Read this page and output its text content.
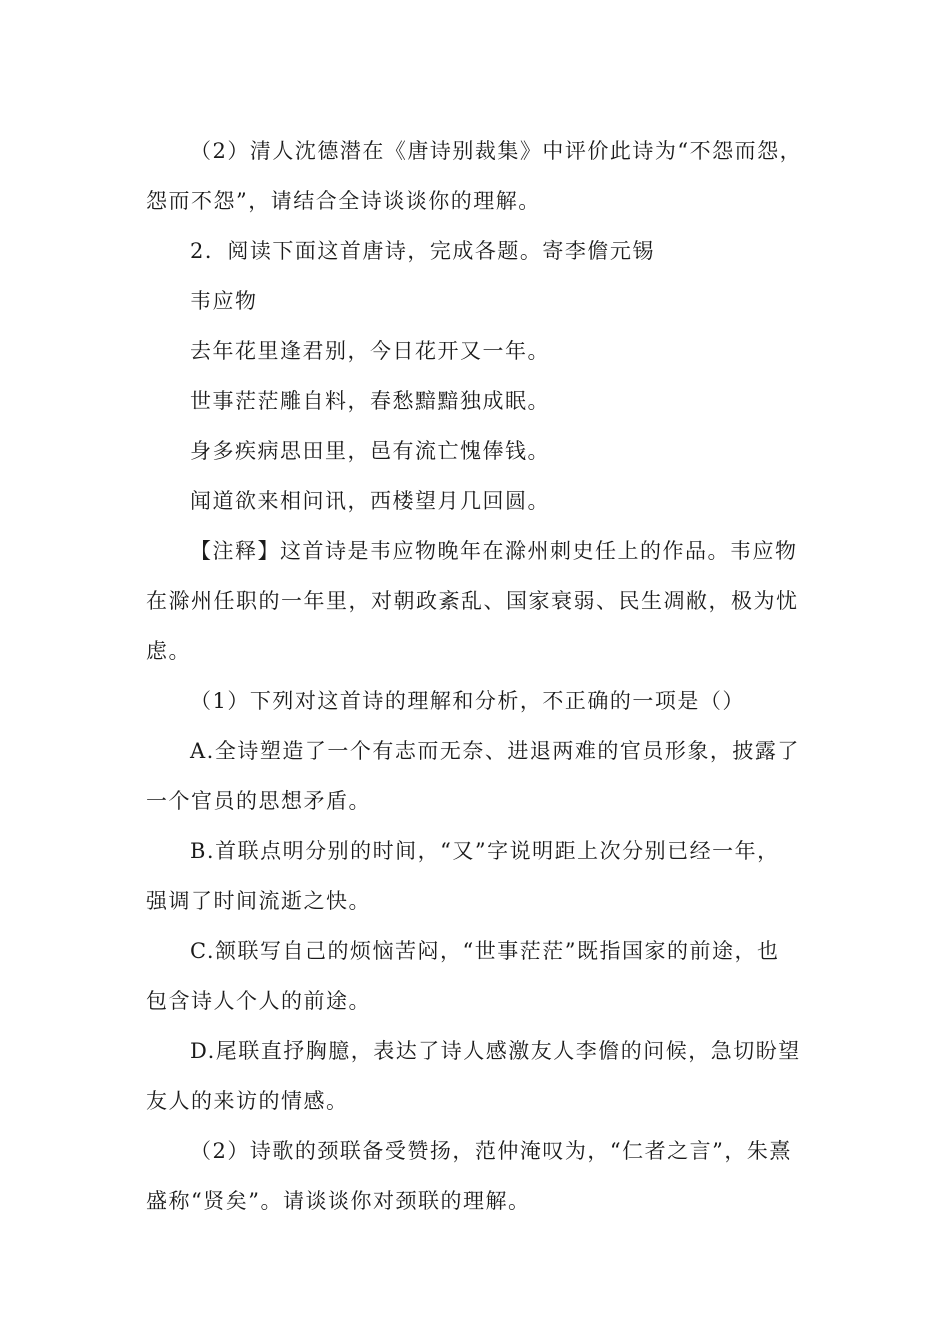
（2）清人沈德潜在《唐诗别裁集》中评价此诗为“不怨而怨，
怨而不怨”，请结合全诗谈谈你的理解。
2．阅读下面这首唐诗，完成各题。寄李儋元锡
韦应物
去年花里逢君别，今日花开又一年。
世事茫茫雕自料，春愁黯黯独成眠。
身多疾病思田里，邑有流亡愧俸钱。
闻道欲来相问讯，西楼望月几回圆。
【注释】这首诗是韦应物晚年在滁州刺史任上的作品。韦应物
在滁州任职的一年里，对朝政紊乱、国家衰弱、民生凋敝，极为忧
虑。
（1）下列对这首诗的理解和分析，不正确的一项是（）
A.全诗塑造了一个有志而无奈、进退两难的官员形象，披露了
一个官员的思想矛盾。
B.首联点明分别的时间，“又”字说明距上次分别已经一年，
强调了时间流逝之快。
C.颔联写自己的烦恼苦闷，“世事茫茫”既指国家的前途，也
包含诗人个人的前途。
D.尾联直抒胸臆，表达了诗人感激友人李儋的问候，急切盼望
友人的来访的情感。
（2）诗歌的颈联备受赞扬，范仲淹叹为，“仁者之言”，朱熹
盛称“贤矣”。请谈谈你对颈联的理解。
